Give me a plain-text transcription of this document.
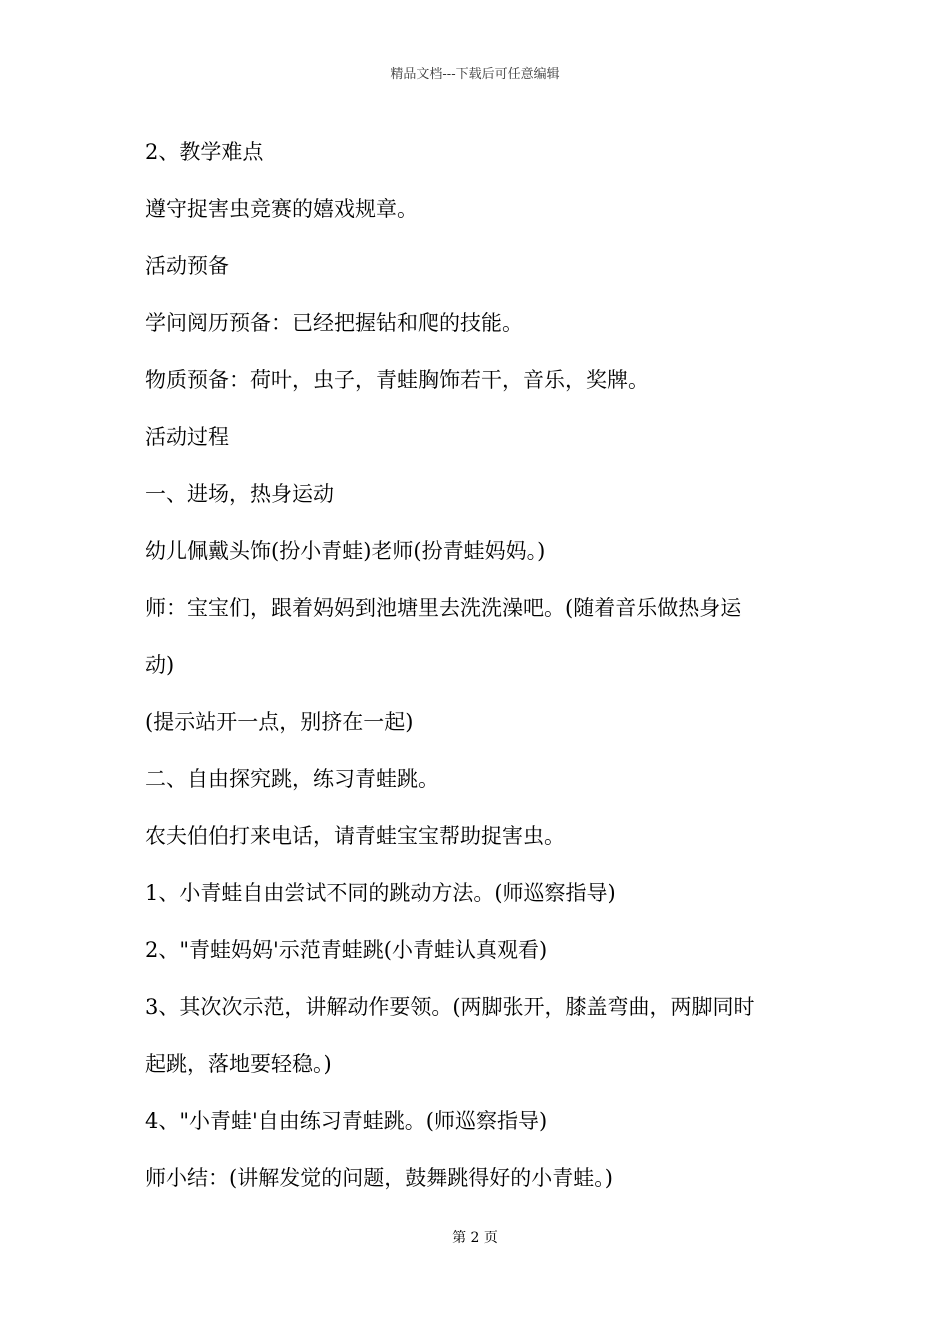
精品文档---下载后可任意编辑
2、教学难点
遵守捉害虫竞赛的嬉戏规章。
活动预备
学问阅历预备：已经把握钻和爬的技能。
物质预备：荷叶，虫子，青蛙胸饰若干，音乐，奖牌。
活动过程
一、进场，热身运动
幼儿佩戴头饰(扮小青蛙)老师(扮青蛙妈妈。)
师：宝宝们，跟着妈妈到池塘里去洗洗澡吧。(随着音乐做热身运
动)
(提示站开一点，别挤在一起)
二、自由探究跳，练习青蛙跳。
农夫伯伯打来电话，请青蛙宝宝帮助捉害虫。
1、小青蛙自由尝试不同的跳动方法。(师巡察指导)
2、"青蛙妈妈'示范青蛙跳(小青蛙认真观看)
3、其次次示范，讲解动作要领。(两脚张开，膝盖弯曲，两脚同时
起跳，落地要轻稳。)
4、"小青蛙'自由练习青蛙跳。(师巡察指导)
师小结：(讲解发觉的问题，鼓舞跳得好的小青蛙。)
第 2 页
